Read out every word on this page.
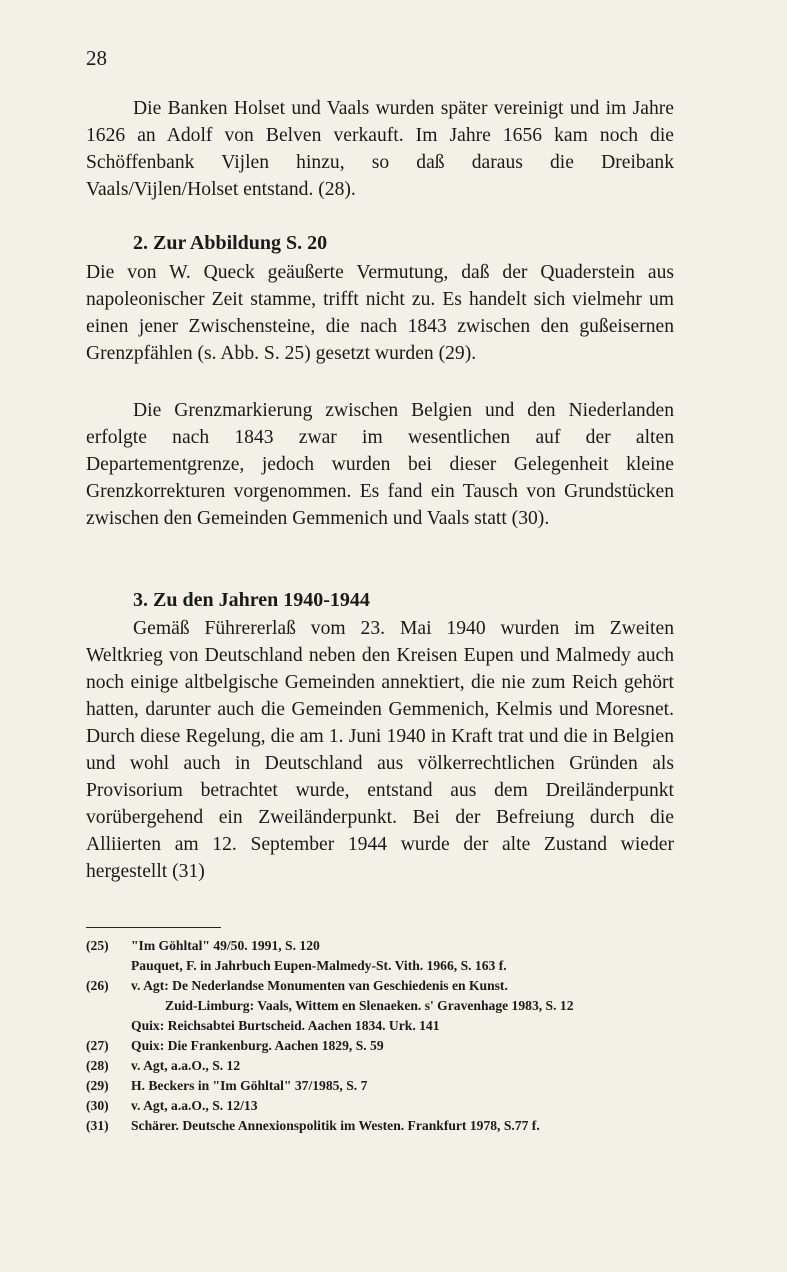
28

Die Banken Holset und Vaals wurden später vereinigt und im Jahre 1626 an Adolf von Belven verkauft. Im Jahre 1656 kam noch die Schöffenbank Vijlen hinzu, so daß daraus die Dreibank Vaals/Vijlen/Holset entstand. (28).

2. Zur Abbildung S. 20

Die von W. Queck geäußerte Vermutung, daß der Quaderstein aus napoleonischer Zeit stamme, trifft nicht zu. Es handelt sich vielmehr um einen jener Zwischensteine, die nach 1843 zwischen den gußeisernen Grenzpfählen (s. Abb. S. 25) gesetzt wurden (29).

Die Grenzmarkierung zwischen Belgien und den Niederlanden erfolgte nach 1843 zwar im wesentlichen auf der alten Departementgrenze, jedoch wurden bei dieser Gelegenheit kleine Grenzkorrekturen vorgenommen. Es fand ein Tausch von Grundstücken zwischen den Gemeinden Gemmenich und Vaals statt (30).

3. Zu den Jahren 1940-1944

Gemäß Führererlaß vom 23. Mai 1940 wurden im Zweiten Weltkrieg von Deutschland neben den Kreisen Eupen und Malmedy auch noch einige altbelgische Gemeinden annektiert, die nie zum Reich gehört hatten, darunter auch die Gemeinden Gemmenich, Kelmis und Moresnet. Durch diese Regelung, die am 1. Juni 1940 in Kraft trat und die in Belgien und wohl auch in Deutschland aus völkerrechtlichen Gründen als Provisorium betrachtet wurde, entstand aus dem Dreiländerpunkt vorübergehend ein Zweiländerpunkt. Bei der Befreiung durch die Alliierten am 12. September 1944 wurde der alte Zustand wieder hergestellt (31)

(25)	"Im Göhltal" 49/50. 1991, S. 120
Pauquet, F. in Jahrbuch Eupen-Malmedy-St. Vith. 1966, S. 163 f.
(26)	v. Agt: De Nederlandse Monumenten van Geschiedenis en Kunst.
Zuid-Limburg: Vaals, Wittem en Slenaeken. s' Gravenhage 1983, S. 12
Quix: Reichsabtei Burtscheid. Aachen 1834. Urk. 141
(27)	Quix: Die Frankenburg. Aachen 1829, S. 59
(28)	v. Agt, a.a.O., S. 12
(29)	H. Beckers in "Im Göhltal" 37/1985, S. 7
(30)	v. Agt, a.a.O., S. 12/13
(31)	Schärer. Deutsche Annexionspolitik im Westen. Frankfurt 1978, S.77 f.
